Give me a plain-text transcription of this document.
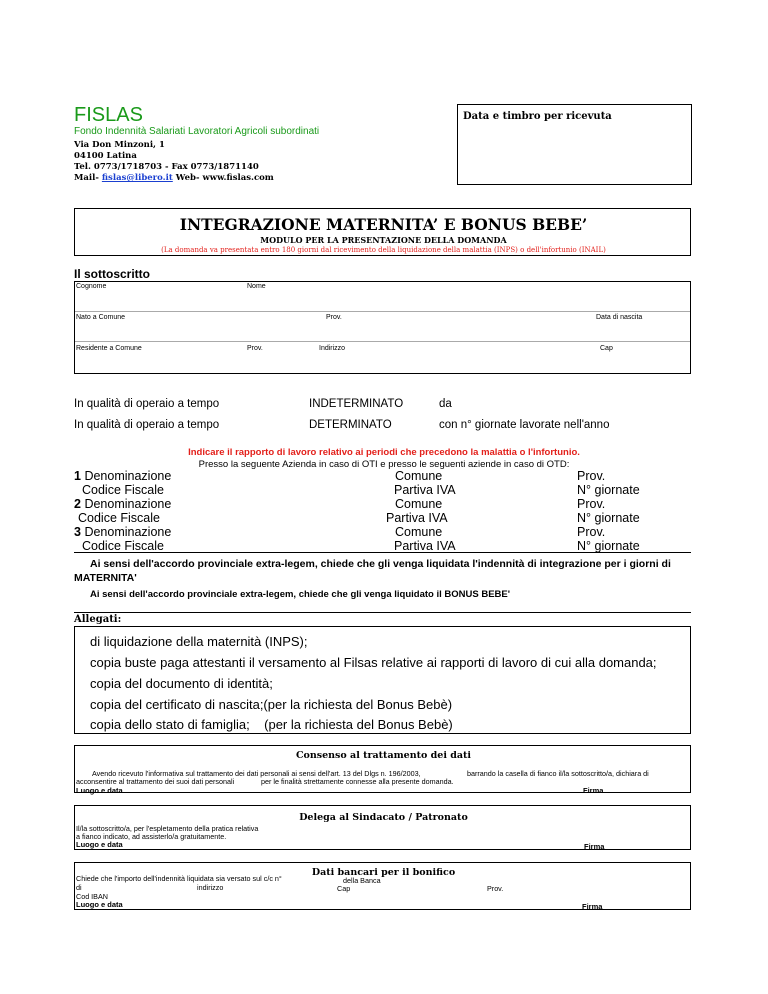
FISLAS
Fondo Indennità Salariati Lavoratori Agricoli subordinati
Via Don Minzoni, 1
04100 Latina
Tel. 0773/1718703 - Fax 0773/1871140
Mail- fislas@libero.it Web- www.fislas.com
Data e timbro per ricevuta
INTEGRAZIONE MATERNITA’ E BONUS BEBE’
MODULO PER LA PRESENTAZIONE DELLA DOMANDA
(La domanda va presentata entro 180 giorni dal ricevimento della liquidazione della malattia (INPS) o dell'infortunio (INAIL)
Il sottoscritto
Cognome	Nome
Nato a Comune	Prov.	Data di nascita
Residente a Comune	Prov.	Indirizzo	Cap
In qualità di operaio a tempo	INDETERMINATO	da
In qualità di operaio a tempo	DETERMINATO	con n° giornate lavorate nell'anno
Indicare il rapporto di lavoro relativo ai periodi che precedono la malattia o l'infortunio.
Presso la seguente Azienda in caso di OTI e presso le seguenti aziende in caso di OTD:
1 Denominazione	Comune	Prov.
Codice Fiscale	Partiva IVA	N° giornate
2 Denominazione	Comune	Prov.
Codice Fiscale	Partiva IVA	N° giornate
3 Denominazione	Comune	Prov.
Codice Fiscale	Partiva IVA	N° giornate
Ai sensi dell'accordo provinciale extra-legem, chiede che gli venga liquidata l'indennità di integrazione per i giorni di MATERNITA'
Ai sensi dell'accordo provinciale extra-legem, chiede che gli venga liquidato il BONUS BEBE'
Allegati:
di liquidazione della maternità (INPS);
copia buste paga attestanti il versamento al Filsas relative ai rapporti di lavoro di cui alla domanda;
copia del documento di identità;
copia del certificato di nascita;(per la richiesta del Bonus Bebè)
copia dello stato di famiglia;    (per la richiesta del Bonus Bebè)
Consenso al trattamento dei dati
Avendo ricevuto l'informativa sul trattamento dei dati personali ai sensi dell'art. 13 del Dlgs n. 196/2003,	barrando la casella di fianco il/la sottoscritto/a, dichiara di
acconsentire al trattamento dei suoi dati personali	per le finalità strettamente connesse alla presente domanda.
Luogo e data	Firma
Delega al Sindacato / Patronato
Il/la sottoscritto/a, per l'espletamento della pratica relativa
a fianco indicato, ad assisterlo/a gratuitamente.
Luogo e data	Firma
Dati bancari per il bonifico
Chiede che l'importo dell'indennità liquidata sia versato sul c/c n°	della Banca
di	indirizzo	Cap	Prov.
Cod IBAN
Luogo e data	Firma
